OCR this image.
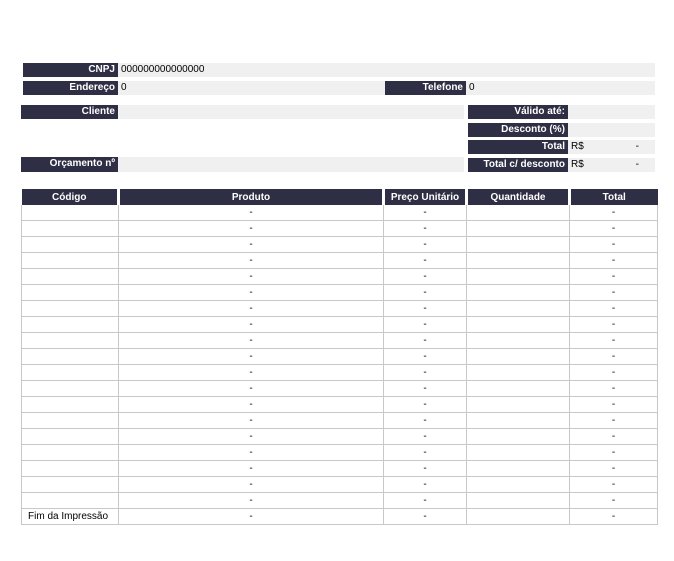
CNPJ 000000000000000
Endereço 0	Telefone 0
Cliente
Orçamento nº
Válido até:
Desconto (%)
Total R$	-
Total c/ desconto R$	-
Código	Produto	Preço Unitário	Quantidade	Total
	-	-		-
	-	-		-
	-	-		-
	-	-		-
	-	-		-
	-	-		-
	-	-		-
	-	-		-
	-	-		-
	-	-		-
	-	-		-
	-	-		-
	-	-		-
	-	-		-
	-	-		-
	-	-		-
	-	-		-
	-	-		-
	-	-		-
Fim da Impressão	-	-		-
